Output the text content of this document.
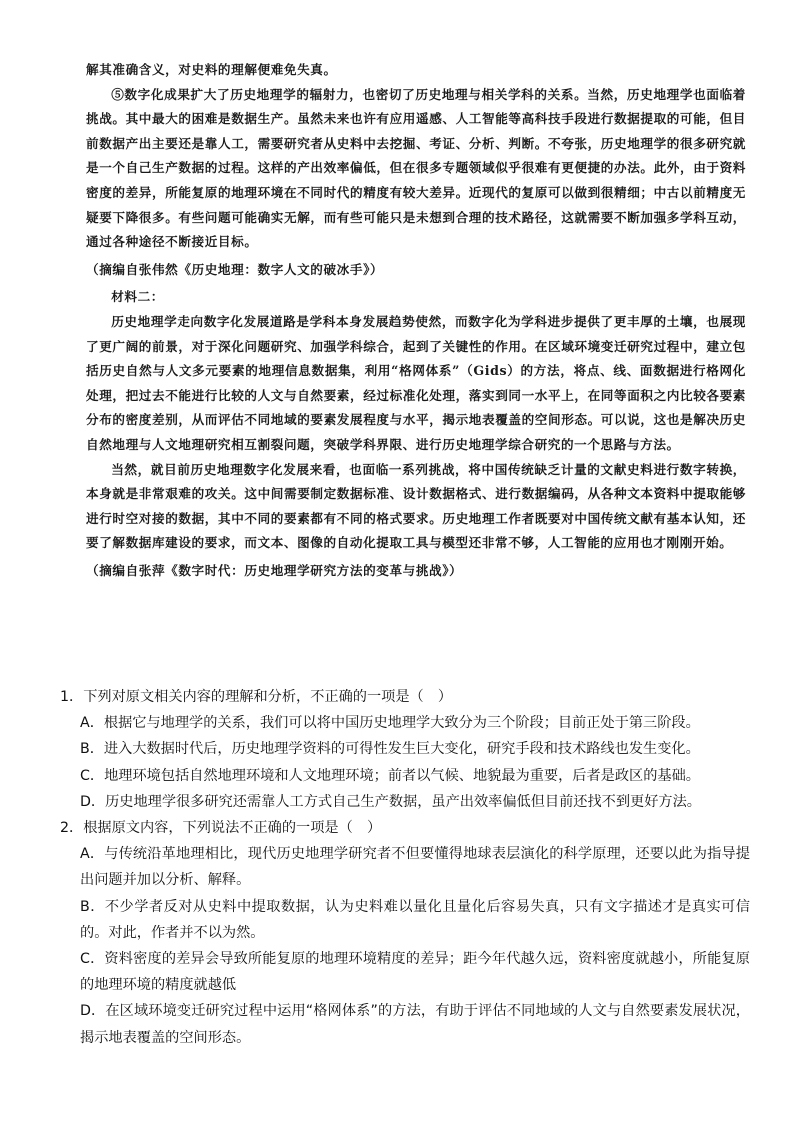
解其准确含义，对史料的理解便难免失真。

⑤数字化成果扩大了历史地理学的辐射力，也密切了历史地理与相关学科的关系。当然，历史地理学也面临着挑战。其中最大的困难是数据生产。虽然未来也许有应用遥感、人工智能等高科技手段进行数据提取的可能，但目前数据产出主要还是靠人工，需要研究者从史料中去挖掘、考证、分析、判断。不夸张，历史地理学的很多研究就是一个自己生产数据的过程。这样的产出效率偏低，但在很多专题领域似乎很难有更便捷的办法。此外，由于资料密度的差异，所能复原的地理环境在不同时代的精度有较大差异。近现代的复原可以做到很精细；中古以前精度无疑要下降很多。有些问题可能确实无解，而有些可能只是未想到合理的技术路径，这就需要不断加强多学科互动，通过各种途径不断接近目标。

（摘编自张伟然《历史地理：数字人文的破冰手》）

材料二：

历史地理学走向数字化发展道路是学科本身发展趋势使然，而数字化为学科进步提供了更丰厚的土壤，也展现了更广阔的前景，对于深化问题研究、加强学科综合，起到了关键性的作用。在区域环境变迁研究过程中，建立包括历史自然与人文多元要素的地理信息数据集，利用“格网体系”（Gids）的方法，将点、线、面数据进行格网化处理，把过去不能进行比较的人文与自然要素，经过标准化处理，落实到同一水平上，在同等面积之内比较各要素分布的密度差别，从而评估不同地域的要素发展程度与水平，揭示地表覆盖的空间形态。可以说，这也是解决历史自然地理与人文地理研究相互割裂问题，突破学科界限、进行历史地理学综合研究的一个思路与方法。

当然，就目前历史地理数字化发展来看，也面临一系列挑战，将中国传统缺乏计量的文献史料进行数字转换，本身就是非常艰难的攻关。这中间需要制定数据标准、设计数据格式、进行数据编码，从各种文本资料中提取能够进行时空对接的数据，其中不同的要素都有不同的格式要求。历史地理工作者既要对中国传统文献有基本认知，还要了解数据库建设的要求，而文本、图像的自动化提取工具与模型还非常不够，人工智能的应用也才刚刚开始。

（摘编自张萍《数字时代：历史地理学研究方法的变革与挑战》）

1．下列对原文相关内容的理解和分析，不正确的一项是（　）

A．根据它与地理学的关系，我们可以将中国历史地理学大致分为三个阶段；目前正处于第三阶段。

B．进入大数据时代后，历史地理学资料的可得性发生巨大变化，研究手段和技术路线也发生变化。

C．地理环境包括自然地理环境和人文地理环境；前者以气候、地貌最为重要，后者是政区的基础。

D．历史地理学很多研究还需靠人工方式自己生产数据，虽产出效率偏低但目前还找不到更好方法。

2．根据原文内容，下列说法不正确的一项是（　）

A．与传统沿革地理相比，现代历史地理学研究者不但要懂得地球表层演化的科学原理，还要以此为指导提出问题并加以分析、解释。

B．不少学者反对从史料中提取数据，认为史料难以量化且量化后容易失真，只有文字描述才是真实可信的。对此，作者并不以为然。

C．资料密度的差异会导致所能复原的地理环境精度的差异；距今年代越久远，资料密度就越小，所能复原的地理环境的精度就越低

D．在区域环境变迁研究过程中运用“格网体系”的方法，有助于评估不同地域的人文与自然要素发展状况，揭示地表覆盖的空间形态。
